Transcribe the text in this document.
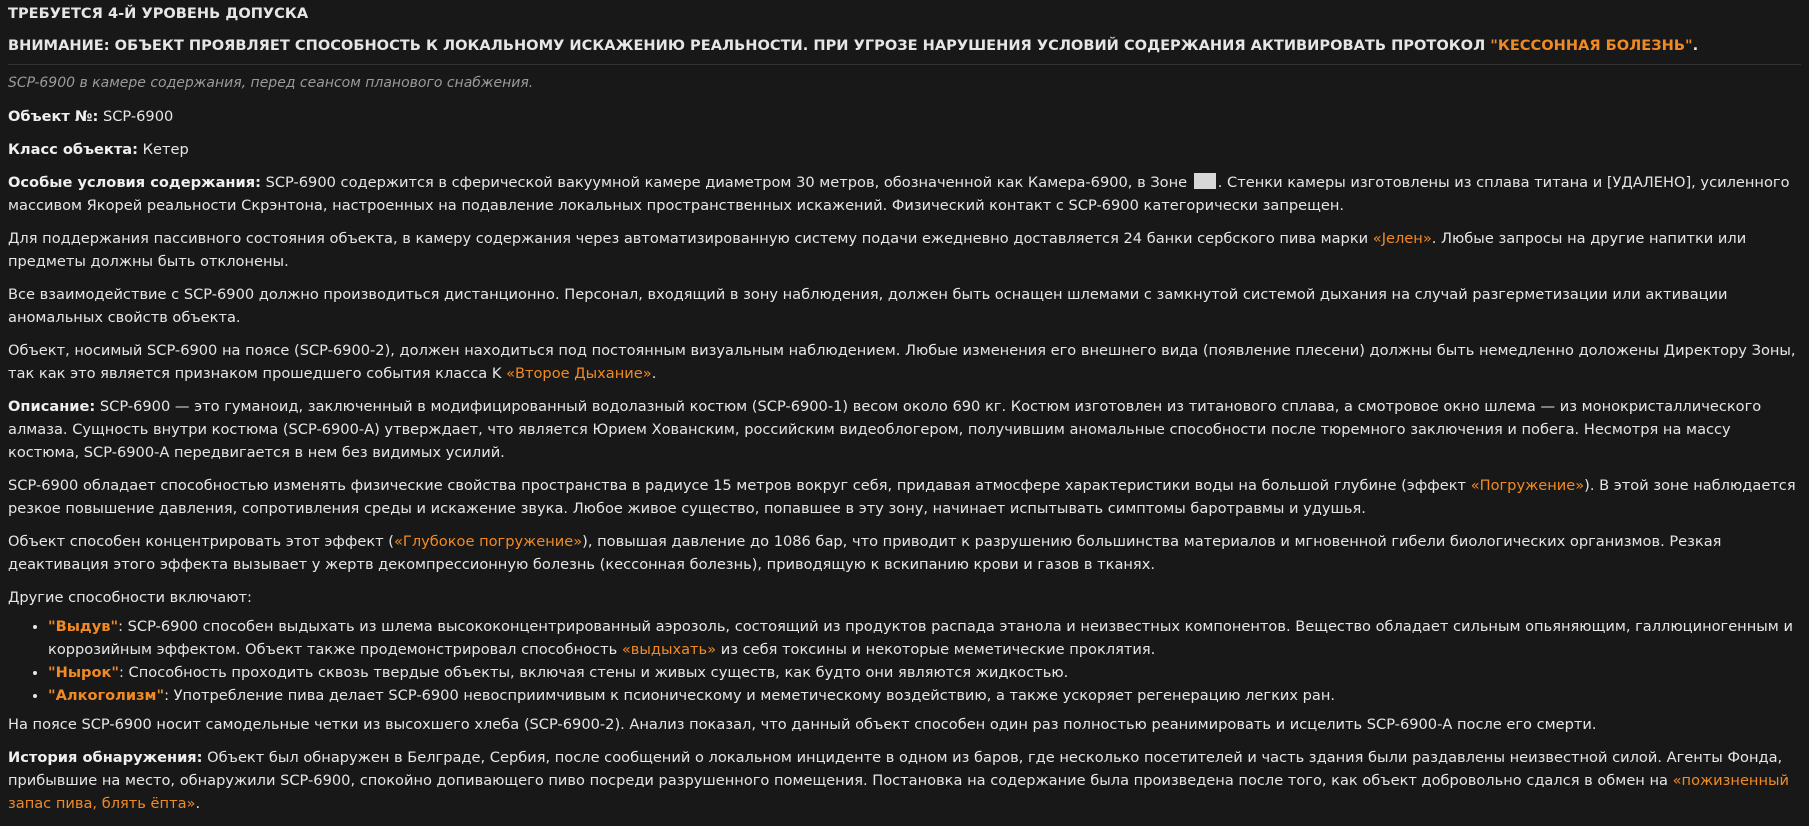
ТРЕБУЕТСЯ 4-Й УРОВЕНЬ ДОПУСКА

ВНИМАНИЕ: ОБЪЕКТ ПРОЯВЛЯЕТ СПОСОБНОСТЬ К ЛОКАЛЬНОМУ ИСКАЖЕНИЮ РЕАЛЬНОСТИ. ПРИ УГРОЗЕ НАРУШЕНИЯ УСЛОВИЙ СОДЕРЖАНИЯ АКТИВИРОВАТЬ ПРОТОКОЛ "КЕССОННАЯ БОЛЕЗНЬ".

SCP-6900 в камере содержания, перед сеансом планового снабжения.

Объект №: SCP-6900

Класс объекта: Кетер

Особые условия содержания: SCP-6900 содержится в сферической вакуумной камере диаметром 30 метров, обозначенной как Камера-6900, в Зоне . Стенки камеры изготовлены из сплава титана и [УДАЛЕНО], усиленного массивом Якорей реальности Скрэнтона, настроенных на подавление локальных пространственных искажений. Физический контакт с SCP-6900 категорически запрещен.

Для поддержания пассивного состояния объекта, в камеру содержания через автоматизированную систему подачи ежедневно доставляется 24 банки сербского пива марки «Jелен». Любые запросы на другие напитки или предметы должны быть отклонены.

Все взаимодействие с SCP-6900 должно производиться дистанционно. Персонал, входящий в зону наблюдения, должен быть оснащен шлемами с замкнутой системой дыхания на случай разгерметизации или активации аномальных свойств объекта.

Объект, носимый SCP-6900 на поясе (SCP-6900-2), должен находиться под постоянным визуальным наблюдением. Любые изменения его внешнего вида (появление плесени) должны быть немедленно доложены Директору Зоны, так как это является признаком прошедшего события класса K «Второе Дыхание».

Описание: SCP-6900 — это гуманоид, заключенный в модифицированный водолазный костюм (SCP-6900-1) весом около 690 кг. Костюм изготовлен из титанового сплава, а смотровое окно шлема — из монокристаллического алмаза. Сущность внутри костюма (SCP-6900-А) утверждает, что является Юрием Хованским, российским видеоблогером, получившим аномальные способности после тюремного заключения и побега. Несмотря на массу костюма, SCP-6900-А передвигается в нем без видимых усилий.

SCP-6900 обладает способностью изменять физические свойства пространства в радиусе 15 метров вокруг себя, придавая атмосфере характеристики воды на большой глубине (эффект «Погружение»). В этой зоне наблюдается резкое повышение давления, сопротивления среды и искажение звука. Любое живое существо, попавшее в эту зону, начинает испытывать симптомы баротравмы и удушья.

Объект способен концентрировать этот эффект («Глубокое погружение»), повышая давление до 1086 бар, что приводит к разрушению большинства материалов и мгновенной гибели биологических организмов. Резкая деактивация этого эффекта вызывает у жертв декомпрессионную болезнь (кессонная болезнь), приводящую к вскипанию крови и газов в тканях.

Другие способности включают:

• "Выдув": SCP-6900 способен выдыхать из шлема высококонцентрированный аэрозоль, состоящий из продуктов распада этанола и неизвестных компонентов. Вещество обладает сильным опьяняющим, галлюциногенным и коррозийным эффектом. Объект также продемонстрировал способность «выдыхать» из себя токсины и некоторые меметические проклятия.
• "Нырок": Способность проходить сквозь твердые объекты, включая стены и живых существ, как будто они являются жидкостью.
• "Алкоголизм": Употребление пива делает SCP-6900 невосприимчивым к псионическому и меметическому воздействию, а также ускоряет регенерацию легких ран.

На поясе SCP-6900 носит самодельные четки из высохшего хлеба (SCP-6900-2). Анализ показал, что данный объект способен один раз полностью реанимировать и исцелить SCP-6900-А после его смерти.

История обнаружения: Объект был обнаружен в Белграде, Сербия, после сообщений о локальном инциденте в одном из баров, где несколько посетителей и часть здания были раздавлены неизвестной силой. Агенты Фонда, прибывшие на место, обнаружили SCP-6900, спокойно допивающего пиво посреди разрушенного помещения. Постановка на содержание была произведена после того, как объект добровольно сдался в обмен на «пожизненный запас пива, блять ёпта».
